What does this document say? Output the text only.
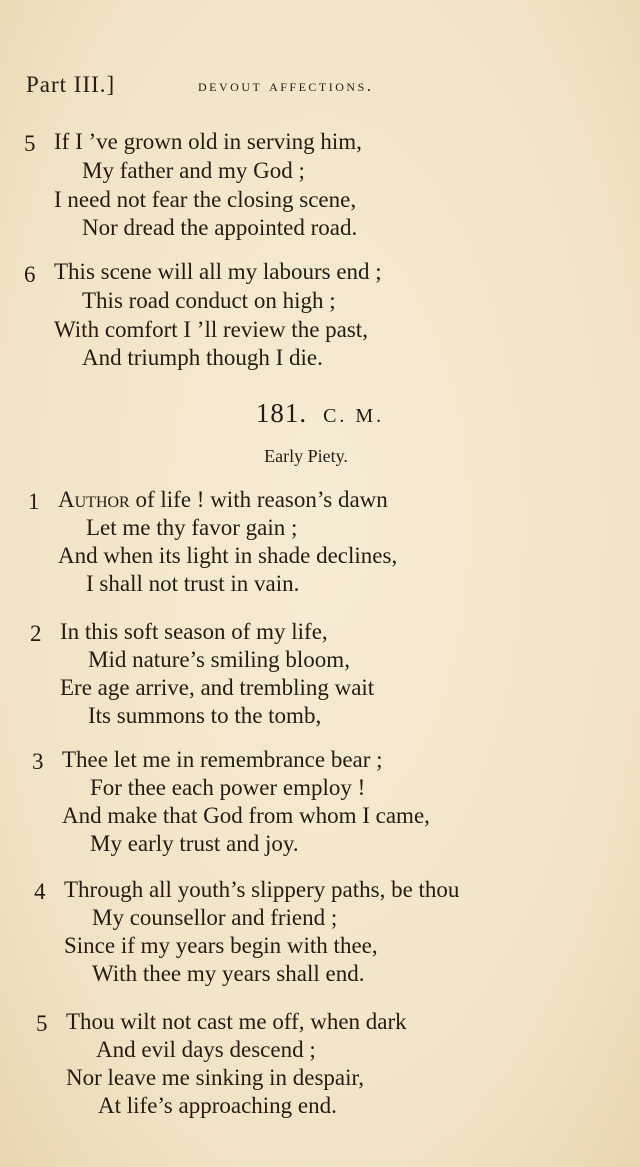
Part III.]	devout affections.
5 If I ’ve grown old in serving him,
My father and my God ;
I need not fear the closing scene,
Nor dread the appointed road.
6 This scene will all my labours end ;
This road conduct on high ;
With comfort I ’ll review the past,
And triumph though I die.
181. C. M.
Early Piety.
1 Author of life ! with reason’s dawn
Let me thy favor gain ;
And when its light in shade declines,
I shall not trust in vain.
2 In this soft season of my life,
Mid nature’s smiling bloom,
Ere age arrive, and trembling wait
Its summons to the tomb,
3 Thee let me in remembrance bear ;
For thee each power employ !
And make that God from whom I came,
My early trust and joy.
4 Through all youth’s slippery paths, be thou
My counsellor and friend ;
Since if my years begin with thee,
With thee my years shall end.
5 Thou wilt not cast me off, when dark
And evil days descend ;
Nor leave me sinking in despair,
At life’s approaching end.
